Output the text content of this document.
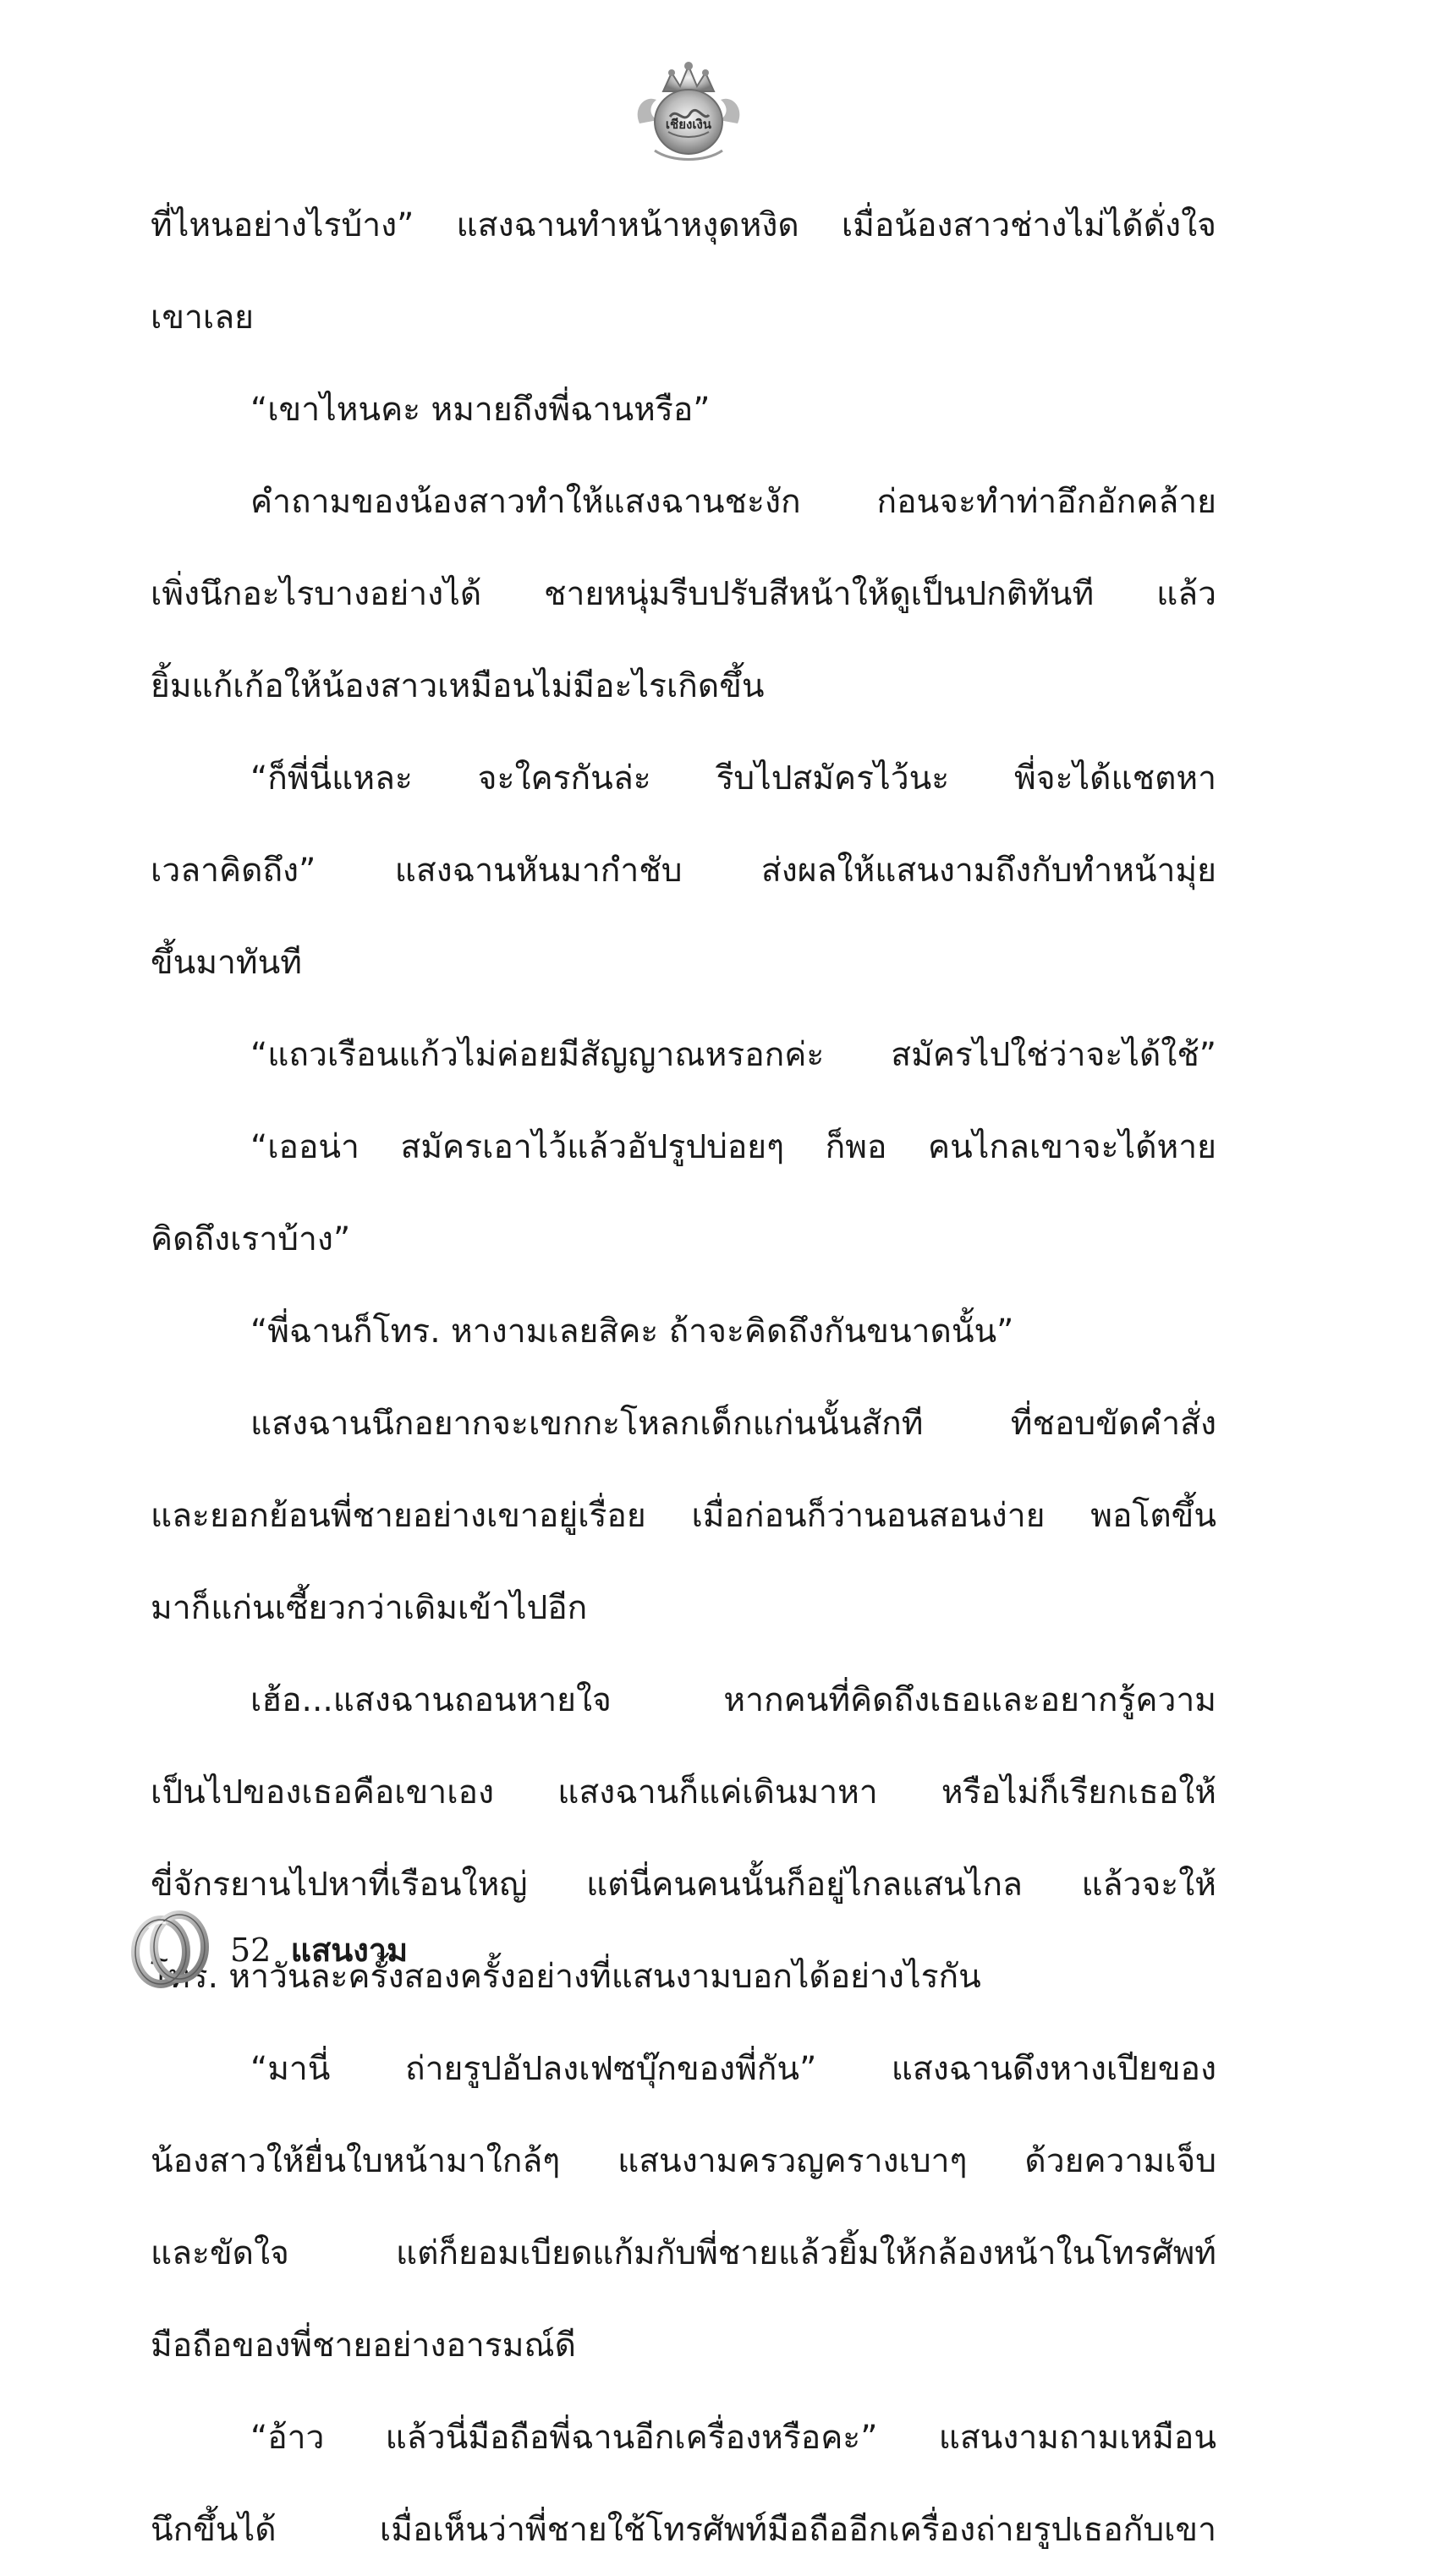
เชียงเงิน
ที่ไหนอย่างไรบ้าง” แสงฉานทำหน้าหงุดหงิด เมื่อน้องสาวช่างไม่ได้ดั่งใจ
เขาเลย
“เขาไหนคะ หมายถึงพี่ฉานหรือ”
คำถามของน้องสาวทำให้แสงฉานชะงัก ก่อนจะทำท่าอึกอักคล้าย
เพิ่งนึกอะไรบางอย่างได้ ชายหนุ่มรีบปรับสีหน้าให้ดูเป็นปกติทันที แล้ว
ยิ้มแก้เก้อให้น้องสาวเหมือนไม่มีอะไรเกิดขึ้น
“ก็พี่นี่แหละ จะใครกันล่ะ รีบไปสมัครไว้นะ พี่จะได้แชตหา
เวลาคิดถึง” แสงฉานหันมากำชับ ส่งผลให้แสนงามถึงกับทำหน้ามุ่ย
ขึ้นมาทันที
“แถวเรือนแก้วไม่ค่อยมีสัญญาณหรอกค่ะ สมัครไปใช่ว่าจะได้ใช้”
“เออน่า สมัครเอาไว้แล้วอัปรูปบ่อยๆ ก็พอ คนไกลเขาจะได้หาย
คิดถึงเราบ้าง”
“พี่ฉานก็โทร. หางามเลยสิคะ ถ้าจะคิดถึงกันขนาดนั้น”
แสงฉานนึกอยากจะเขกกะโหลกเด็กแก่นนั้นสักที ที่ชอบขัดคำสั่ง
และยอกย้อนพี่ชายอย่างเขาอยู่เรื่อย เมื่อก่อนก็ว่านอนสอนง่าย พอโตขึ้น
มาก็แก่นเซี้ยวกว่าเดิมเข้าไปอีก
เฮ้อ...แสงฉานถอนหายใจ หากคนที่คิดถึงเธอและอยากรู้ความ
เป็นไปของเธอคือเขาเอง แสงฉานก็แค่เดินมาหา หรือไม่ก็เรียกเธอให้
ขี่จักรยานไปหาที่เรือนใหญ่ แต่นี่คนคนนั้นก็อยู่ไกลแสนไกล แล้วจะให้
โทร. หาวันละครั้งสองครั้งอย่างที่แสนงามบอกได้อย่างไรกัน
“มานี่ ถ่ายรูปอัปลงเฟซบุ๊กของพี่กัน” แสงฉานดึงหางเปียของ
น้องสาวให้ยื่นใบหน้ามาใกล้ๆ แสนงามครวญครางเบาๆ ด้วยความเจ็บ
และขัดใจ แต่ก็ยอมเบียดแก้มกับพี่ชายแล้วยิ้มให้กล้องหน้าในโทรศัพท์
มือถือของพี่ชายอย่างอารมณ์ดี
“อ้าว แล้วนี่มือถือพี่ฉานอีกเครื่องหรือคะ” แสนงามถามเหมือน
นึกขึ้นได้ เมื่อเห็นว่าพี่ชายใช้โทรศัพท์มือถืออีกเครื่องถ่ายรูปเธอกับเขา
52 แสนงาม
